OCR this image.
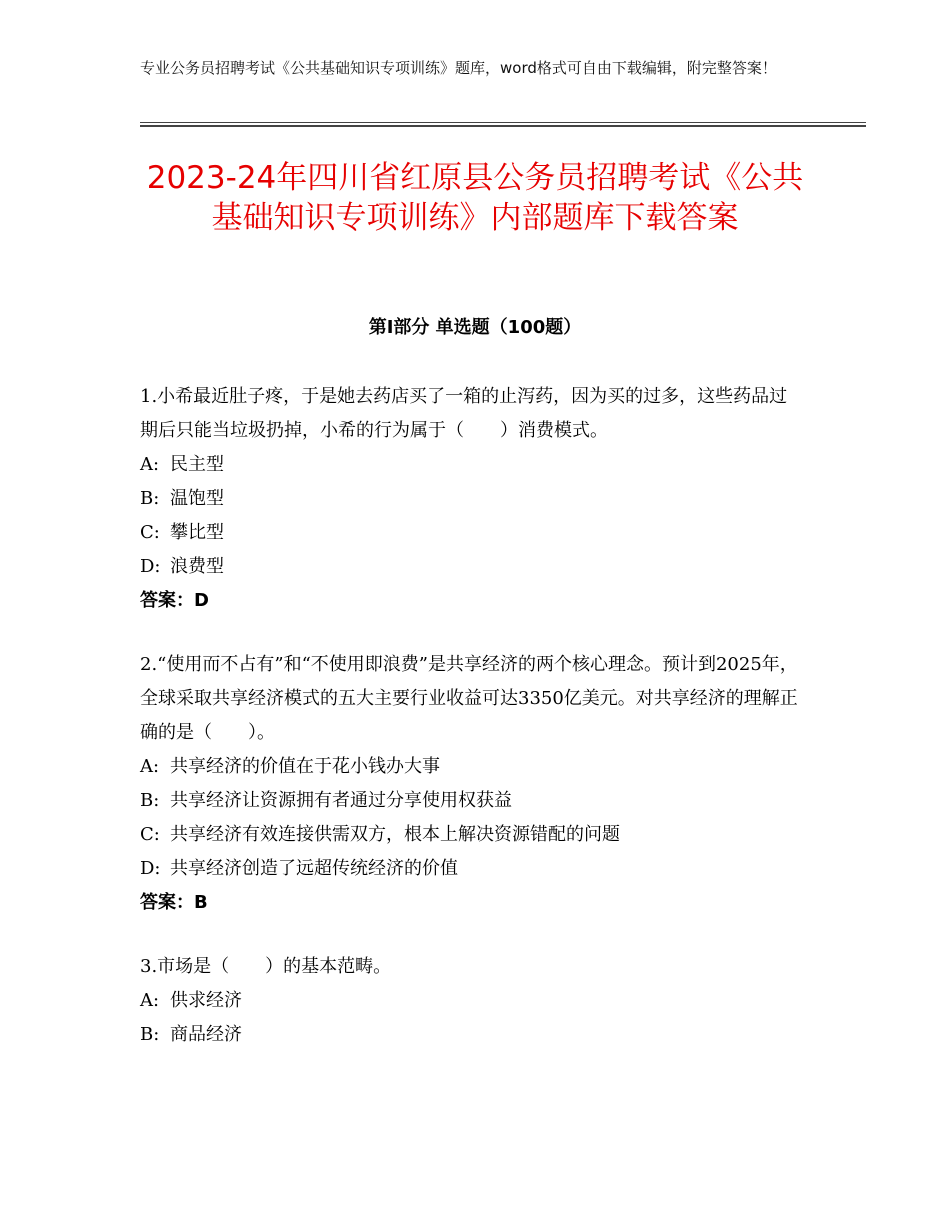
专业公务员招聘考试《公共基础知识专项训练》题库，word格式可自由下载编辑，附完整答案！
2023-24年四川省红原县公务员招聘考试《公共基础知识专项训练》内部题库下载答案
第Ⅰ部分 单选题（100题）

1.小希最近肚子疼，于是她去药店买了一箱的止泻药，因为买的过多，这些药品过期后只能当垃圾扔掉，小希的行为属于（　　）消费模式。

A: 民主型

B: 温饱型

C: 攀比型

D: 浪费型

答案：D

2.“使用而不占有”和“不使用即浪费”是共享经济的两个核心理念。预计到2025年，全球采取共享经济模式的五大主要行业收益可达3350亿美元。对共享经济的理解正确的是（　　）。

A: 共享经济的价值在于花小钱办大事

B: 共享经济让资源拥有者通过分享使用权获益

C: 共享经济有效连接供需双方，根本上解决资源错配的问题

D: 共享经济创造了远超传统经济的价值

答案：B

3.市场是（　　）的基本范畴。

A: 供求经济

B: 商品经济
